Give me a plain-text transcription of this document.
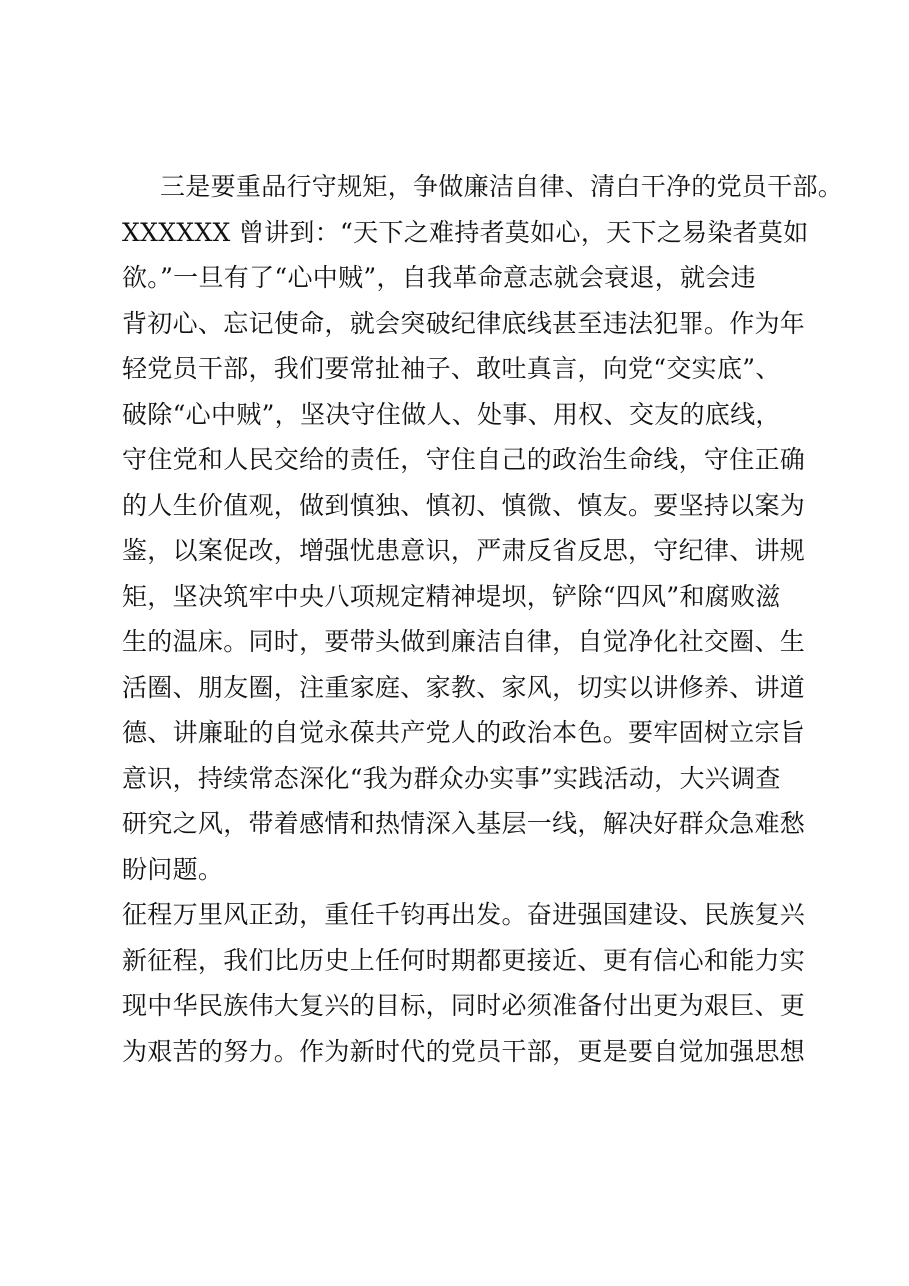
三是要重品行守规矩，争做廉洁自律、清白干净的党员干部。
XXXXXX 曾讲到：“天下之难持者莫如心，天下之易染者莫如
欲。”一旦有了“心中贼”，自我革命意志就会衰退，就会违
背初心、忘记使命，就会突破纪律底线甚至违法犯罪。作为年
轻党员干部，我们要常扯袖子、敢吐真言，向党“交实底”、
破除“心中贼”，坚决守住做人、处事、用权、交友的底线，
守住党和人民交给的责任，守住自己的政治生命线，守住正确
的人生价值观，做到慎独、慎初、慎微、慎友。要坚持以案为
鉴，以案促改，增强忧患意识，严肃反省反思，守纪律、讲规
矩，坚决筑牢中央八项规定精神堤坝，铲除“四风”和腐败滋
生的温床。同时，要带头做到廉洁自律，自觉净化社交圈、生
活圈、朋友圈，注重家庭、家教、家风，切实以讲修养、讲道
德、讲廉耻的自觉永葆共产党人的政治本色。要牢固树立宗旨
意识，持续常态深化“我为群众办实事”实践活动，大兴调查
研究之风，带着感情和热情深入基层一线，解决好群众急难愁
盼问题。
征程万里风正劲，重任千钧再出发。奋进强国建设、民族复兴
新征程，我们比历史上任何时期都更接近、更有信心和能力实
现中华民族伟大复兴的目标，同时必须准备付出更为艰巨、更
为艰苦的努力。作为新时代的党员干部，更是要自觉加强思想
